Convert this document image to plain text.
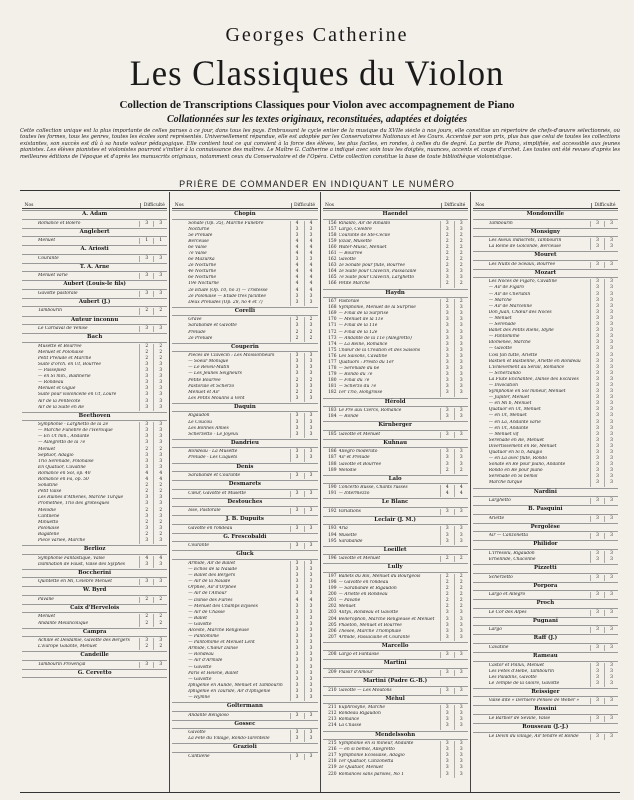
Georges Catherine
Les Classiques du Violon
Collection de Transcriptions Classiques pour Violon avec accompagnement de Piano
Collationnées sur les textes originaux, reconstituées, adaptées et doigtées
Cette collection unique est la plus importante de celles parues à ce jour, dans tous les pays. Embrassant le cycle entier de la musique du XVIIe siècle à nos jours, elle constitue un répertoire de chefs-d'œuvre sélectionnés, où toutes les formes, tous les genres, toutes les écoles sont représentés. Universellement répandue, elle est adoptée par les Conservatoires Nationaux et les Cours. Accentué par son prix, plus bas que celui de toutes les collections existantes, son succès est dû à sa haute valeur pédagogique. Elle contient tout ce qui convient à la force des élèves, les plus faciles, en rondes, à celles du 6e degré. La partie de Piano, simplifiée, est accessible aux jeunes pianistes. Les élèves pianistes et violonistes pourront s'initier à la connaissance des maîtres. Le Maître G. Catherine a indiqué avec soin tous les doigtés, nuances, accents et coups d'archet. Les toutes ont été revues d'après les meilleures éditions de l'époque et d'après les manuscrits originaux, notamment ceux du Conservatoire et de l'Opéra. Cette collection constitue la base de toute bibliothèque violonistique.
PRIÈRE DE COMMANDER EN INDIQUANT LE NUMÉRO
Nos	Difficulté
A. Adam
Romance et Boléro	3	3
Anglebert
Menuet	1	1
A. Ariosti
Courante	3	3
T. A. Arne
Menuet varié	3	3
Aubert (Louis-le fils)
Gavotte pastorale	3	3
Aubert (J.)
Tambourin	2	2
Auteur inconnu
Le Carnaval de Venise	3	3
Bach
Musette et Bourrée	2	2
Menuet et Polonaise	2	2
Petit Prélude et Marche	2	2
Suite d'orch. en Ut, Bourrée	3	3
— Passepied	3	3
— en Si min., Badinerie	3	3
— Rondeau	3	3
Menuet et Gigue	3	3
Suite pour violoncelle en Ut, Loure	3	3
Air de la Pentecôte	3	3
Air de la Suite en Ré	3	3
Beethoven
Symphonie - Larghetto de la 2e	3	3
— Marche Funèbre de l'Héroïque	3	3
— En Ut min., Andante	3	3
— Allegretto de la 7e	3	3
Menuet	2	2
Septuor, Adagio	3	3
Trio Sérénade, Polonaise	3	3
En Quatuor, Cavatine	3	3
Romance en Sol, op. 40	4	4
Romance en Fa, op. 50	4	4
Sonatine	2	2
Petit Valse	2	2
Les Ruines d'Athènes, Marche Turque	3	3
Prométhée, Trio des grotesques	3	3
Mélodie	2	2
Cantilène	3	3
Minuetto	2	2
Polonaise	3	3
Bagatelle	2	2
Pièce variée, Marche	3	3
Berlioz
Symphonie Fantastique, Valse	4	4
Damnation de Faust, Valse des Sylphes	3	3
Boccherini
Quintette en Mi, Célèbre Menuet	3	3
W. Byrd
Pavane	2	2
Caix d'Hervelois
Menuet	2	2
Andante Mélancolique	2	2
Campra
Achille et Déidamie, Gavotte des Bergers	3	3
L'Europe Galante, Menuet	2	2
Candeille
Tambourin Provençal	3	3
G. Cervetto
Nos	Difficulté
Chopin
Sonate (Op. 35), Marche Funèbre	4	4
Nocturne	3	3
5e Prélude	3	3
Berceuse	4	4
6e Valse	4	4
7e Valse	4	4
6e Mazurka	3	3
2e Nocturne	4	4
4e Nocturne	4	4
6e Nocturne	4	4
19e Nocturne	4	4
2e Etude (Op. 10, no 3) — Tristesse	4	4
2e Polonaise — Etude très facilitée	3	3
Deux Préludes (Op. 28, no 4 et 7)	3	3
Corelli
Grave	2	2
Sarabande et Gavotte	3	3
Prélude	2	2
2e Prélude	2	2
Couperin
Pièces de Clavecin : Les Moissonneurs	3	3
— Soeur Monique	3	3
— Le Réveil-Matin	3	3
— Les Jeunes Seigneurs	3	3
Petite Bourrée	2	2
Pastorale et Scherzo	3	3
Menuet et Air	2	2
Les Petits Moulins à Vent	3	3
Daquin
Rigaudon	3	3
Le Coucou	3	3
Les Bonnes Amies	3	3
Scherzetto - Le Joyeux	3	3
Dandrieu
Rondeau - La Musette	3	3
Prélude - Les Caquets	3	3
Denis
Sarabande et Courante	3	3
Desmarets
Cœur, Gavotte et Musette	3	3
Destouches
Issé, Pastorale	3	3
J. B. Dupuits
Gavotte en rondeau	3	3
G. Frescobaldi
Courante	3	3
Gluck
Armide, Air de Ballet	3	3
— Echos de la Naïade	3	3
— Ballet des Bergers	3	3
— Air de la Naïade	3	3
Orphée, Air d'Orphée	3	3
— Air de l'Amour	3	3
— Danse des Furies	4	4
— Menuet des Champs Elysées	3	3
— Air de Chasse	3	3
— Ballet	3	3
— Gavotte	3	3
Alceste, Marche Religieuse	3	3
— Pantomime	3	3
— Pantomime et Menuet Lent	3	3
Armide, Chœur Danse	3	3
— Rondeau	3	3
— Air d'Armide	3	3
— Gavotte	3	3
Pâris et Hélène, Ballet	3	3
— Gavotte	3	3
Iphigénie en Aulide, Menuet et Tambourin	3	3
Iphigénie en Tauride, Air d'Iphigénie	3	3
— Hymne	3	3
Goltermann
Andante Religioso	3	3
Gossec
Gavotte	3	3
La Fête du Village, Rondo-Tarentelle	3	3
Grazioli
Cantilène	3	3
Nos	Difficulté
Haendel
156 Rinaldo, Air de Rinaldo	3	3
157 Largo, Célèbre	3	3
158 Courante de Ste-Cécile	2	2
159 Jozad, Musette	2	2
160 Water-Music, Menuet	2	2
161 — Bourrée	2	2
162 Gavotte	2	2
163 2e Sonate pour flûte, Bourrée	2	2
164 2e Suite pour Clavecin, Passacaille	3	3
165 7e Suite pour Clavecin, Larghetto	3	3
166 Petite Marche	2	2
Haydn
167 Pastorale	2	2
168 Symphonie, Menuet de la Surprise	3	3
169 — Final de la Surprise	3	3
170 — Menuet de la 11e	3	3
171 — Final de la 11e	3	3
172 — Final de la 12e	3	3
173 — Andante de la 11e (Allegretto)	3	3
174 — La Reine, Romance	3	3
175 Chœur de la Création et des Saisons	3	3
176 Les Saisons, Cavatine	3	3
177 Quatuors : Presto du 1er	3	3
178 — Sérénade du 6e	3	3
179 — Rondo du 7e	3	3
180 — Final du 7e	3	3
181 — Scherzo du 7e	3	3
182 1er Trio, Hongroise	3	3
Hérold
183 Le Pré aux Clercs, Romance	3	3
184 — Ronde	3	3
Kirnberger
185 Gavotte et Menuet	3	3
Kuhnau
186 Allegro moderato	3	3
187 Air et Prélude	3	3
188 Gavotte et Bourrée	3	3
189 Mélodie	2	2
Lalo
190 Concerto Russe, Chants russes	4	4
191 — Intermezzo	4	4
Le Blanc
192 Variations	3	3
Leclair (J. M.)
193 Aria	3	3
194 Musette	3	3
195 Sarabande	3	3
Loeillet
196 Gavotte et Menuet	2	2
Lully
197 Ballets du Roi, Menuet du Bourgeois	2	2
198 — Gavotte en rondeau	2	2
199 — Sarabande et Rigaudon	2	2
200 — Ariette en Rondeau	2	2
201 — Pavane	2	2
202 Menuet	2	2
203 Alityx, Rondeau et Gavotte	3	3
204 Bellérophon, Marche Religieuse et Menuet	3	3
205 Phaëton, Menuet et Bourrée	3	3
206 Thésée, Marche Triomphale	3	3
207 Armide, Passacaille et Courante	3	3
Marcello
208 Largo et Fantaisie	3	3
Martini
209 Plaisir d'Amour	3	3
Martini (Padre G.-B.)
210 Gavotte — Les Moutons	3	3
Méhul
211 Euphrosyne, Marche	3	3
212 Rondeau Rigaudon	3	3
213 Romance	3	3
214 La Chasse	3	3
Mendelssohn
215 Symphonie en si mineur, Andante	3	3
216 — en si bémol, Allegretto	3	3
217 Symphonie Ecossaise, Adagio	3	3
218 1er Quatuor, Canzonetta	3	3
219 2e Quatuor, Menuet	3	3
220 Romances sans paroles, No 1	3	3
Nos	Difficulté
Mondonville
Tambourin	3	3
Monsigny
Les Aveux indiscrets, Tambourin	3	3
La Reine de Golconde, Berceuse	3	3
Mouret
Les Nuits de Sceaux, Bourrée	3	3
Mozart
Les Noces de Figaro, Cavatine	3	3
— Air de Figaro	3	3
— Air de Chérubin	3	3
— Marche	3	3
— Air de Marceline	3	3
Don Juan, Chœur des Noces	3	3
— Menuet	3	3
— Sérénade	3	3
Ballet des Petits Riens, Idylle	3	3
— Pantomime	3	3
Idoménée, Marche	3	3
— Gavotte	3	3
Cosi fan tutte, Ariette	3	3
Bastien et Bastienne, Ariette en Rondeau	3	3
L'Enlèvement au Sérail, Romance	3	3
— Scherzando	3	3
La Flûte Enchantée, Danse des Esclaves	3	3
— Invocation	3	3
Symphonie en Sol mineur, Menuet	3	3
— Jupiter, Menuet	3	3
— en Mi b, Menuet	3	3
Quatuor en Ut, Menuet	3	3
— en Ut, Menuet	3	3
— en La, Andante varié	3	3
— en Ut, Andante	3	3
— Menuet vif	3	3
Sérénade en Ré, Menuet	3	3
Divertissement en Ré, Menuet	3	3
Quatuor en Si b, Adagio	3	3
— en La avec flûte, Rondo	3	3
Sonate en Ré pour piano, Andante	3	3
Rondo en Ré pour piano	3	3
Sérénade en Si bémol	3	3
Marche turque	3	3
Nardini
Larghetto	3	3
B. Pasquini
Ariette	3	3
Pergolèse
Air — Canzonetta	3	3
Philidor
L'Irrésolu, Rigaudon	3	3
Ernelinde, Chaconne	3	3
Pizzetti
Scherzetto	3	3
Porpora
Largo et Allegro	3	3
Proch
Le Cor des Alpes	3	3
Pugnani
Largo	3	3
Raff (J.)
Cavatine	3	3
Rameau
Castor et Pollux, Menuet	3	3
Les Fêtes d'Hébé, Tambourin	3	3
Les Paladins, Gavotte	3	3
Le Temple de la Gloire, Gavotte	3	3
Reissiger
Valse dite « Dernière Pensée de Weber »	3	3
Rossini
Le Barbier de Séville, Valse	3	3
Rousseau (J.-J.)
Le Devin du village, Air tendre et Ronde	3	3
